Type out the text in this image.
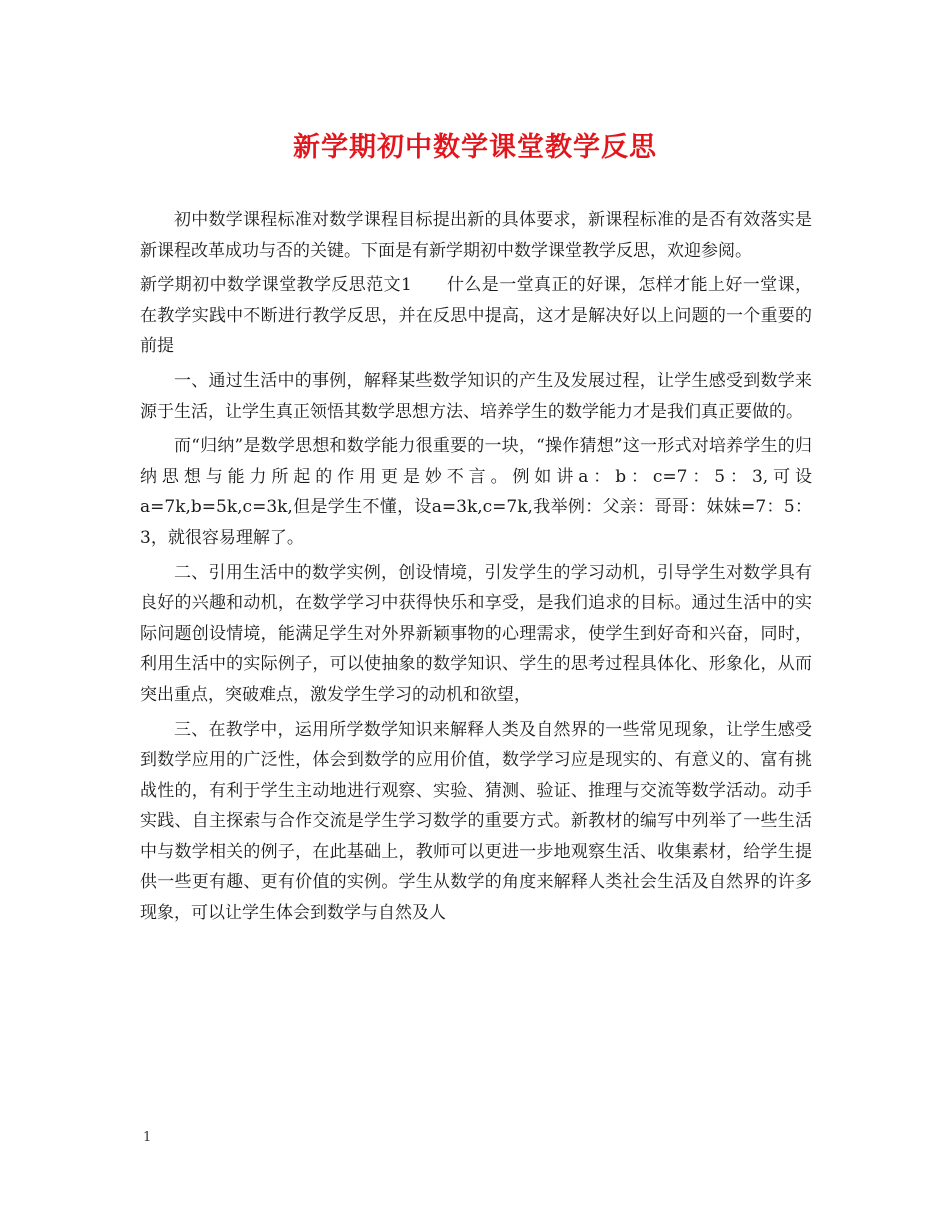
新学期初中数学课堂教学反思

初中数学课程标准对数学课程目标提出新的具体要求，新课程标准的是否有效落实是新课程改革成功与否的关键。下面是有新学期初中数学课堂教学反思，欢迎参阅。

新学期初中数学课堂教学反思范文1　　什么是一堂真正的好课，怎样才能上好一堂课，在教学实践中不断进行教学反思，并在反思中提高，这才是解决好以上问题的一个重要的前提

一、通过生活中的事例，解释某些数学知识的产生及发展过程，让学生感受到数学来源于生活，让学生真正领悟其数学思想方法、培养学生的数学能力才是我们真正要做的。

而“归纳”是数学思想和数学能力很重要的一块，“操作猜想”这一形式对培养学生的归纳思想与能力所起的作用更是妙不言。例如讲a：b：c=7：5：3,可设a=7k,b=5k,c=3k,但是学生不懂，设a=3k,c=7k,我举例：父亲：哥哥：妹妹=7：5：3，就很容易理解了。

二、引用生活中的数学实例，创设情境，引发学生的学习动机，引导学生对数学具有良好的兴趣和动机，在数学学习中获得快乐和享受，是我们追求的目标。通过生活中的实际问题创设情境，能满足学生对外界新颖事物的心理需求，使学生到好奇和兴奋，同时，利用生活中的实际例子，可以使抽象的数学知识、学生的思考过程具体化、形象化，从而突出重点，突破难点，激发学生学习的动机和欲望，

三、在教学中，运用所学数学知识来解释人类及自然界的一些常见现象，让学生感受到数学应用的广泛性，体会到数学的应用价值，数学学习应是现实的、有意义的、富有挑战性的，有利于学生主动地进行观察、实验、猜测、验证、推理与交流等数学活动。动手实践、自主探索与合作交流是学生学习数学的重要方式。新教材的编写中列举了一些生活中与数学相关的例子，在此基础上，教师可以更进一步地观察生活、收集素材，给学生提供一些更有趣、更有价值的实例。学生从数学的角度来解释人类社会生活及自然界的许多现象，可以让学生体会到数学与自然及人

1
